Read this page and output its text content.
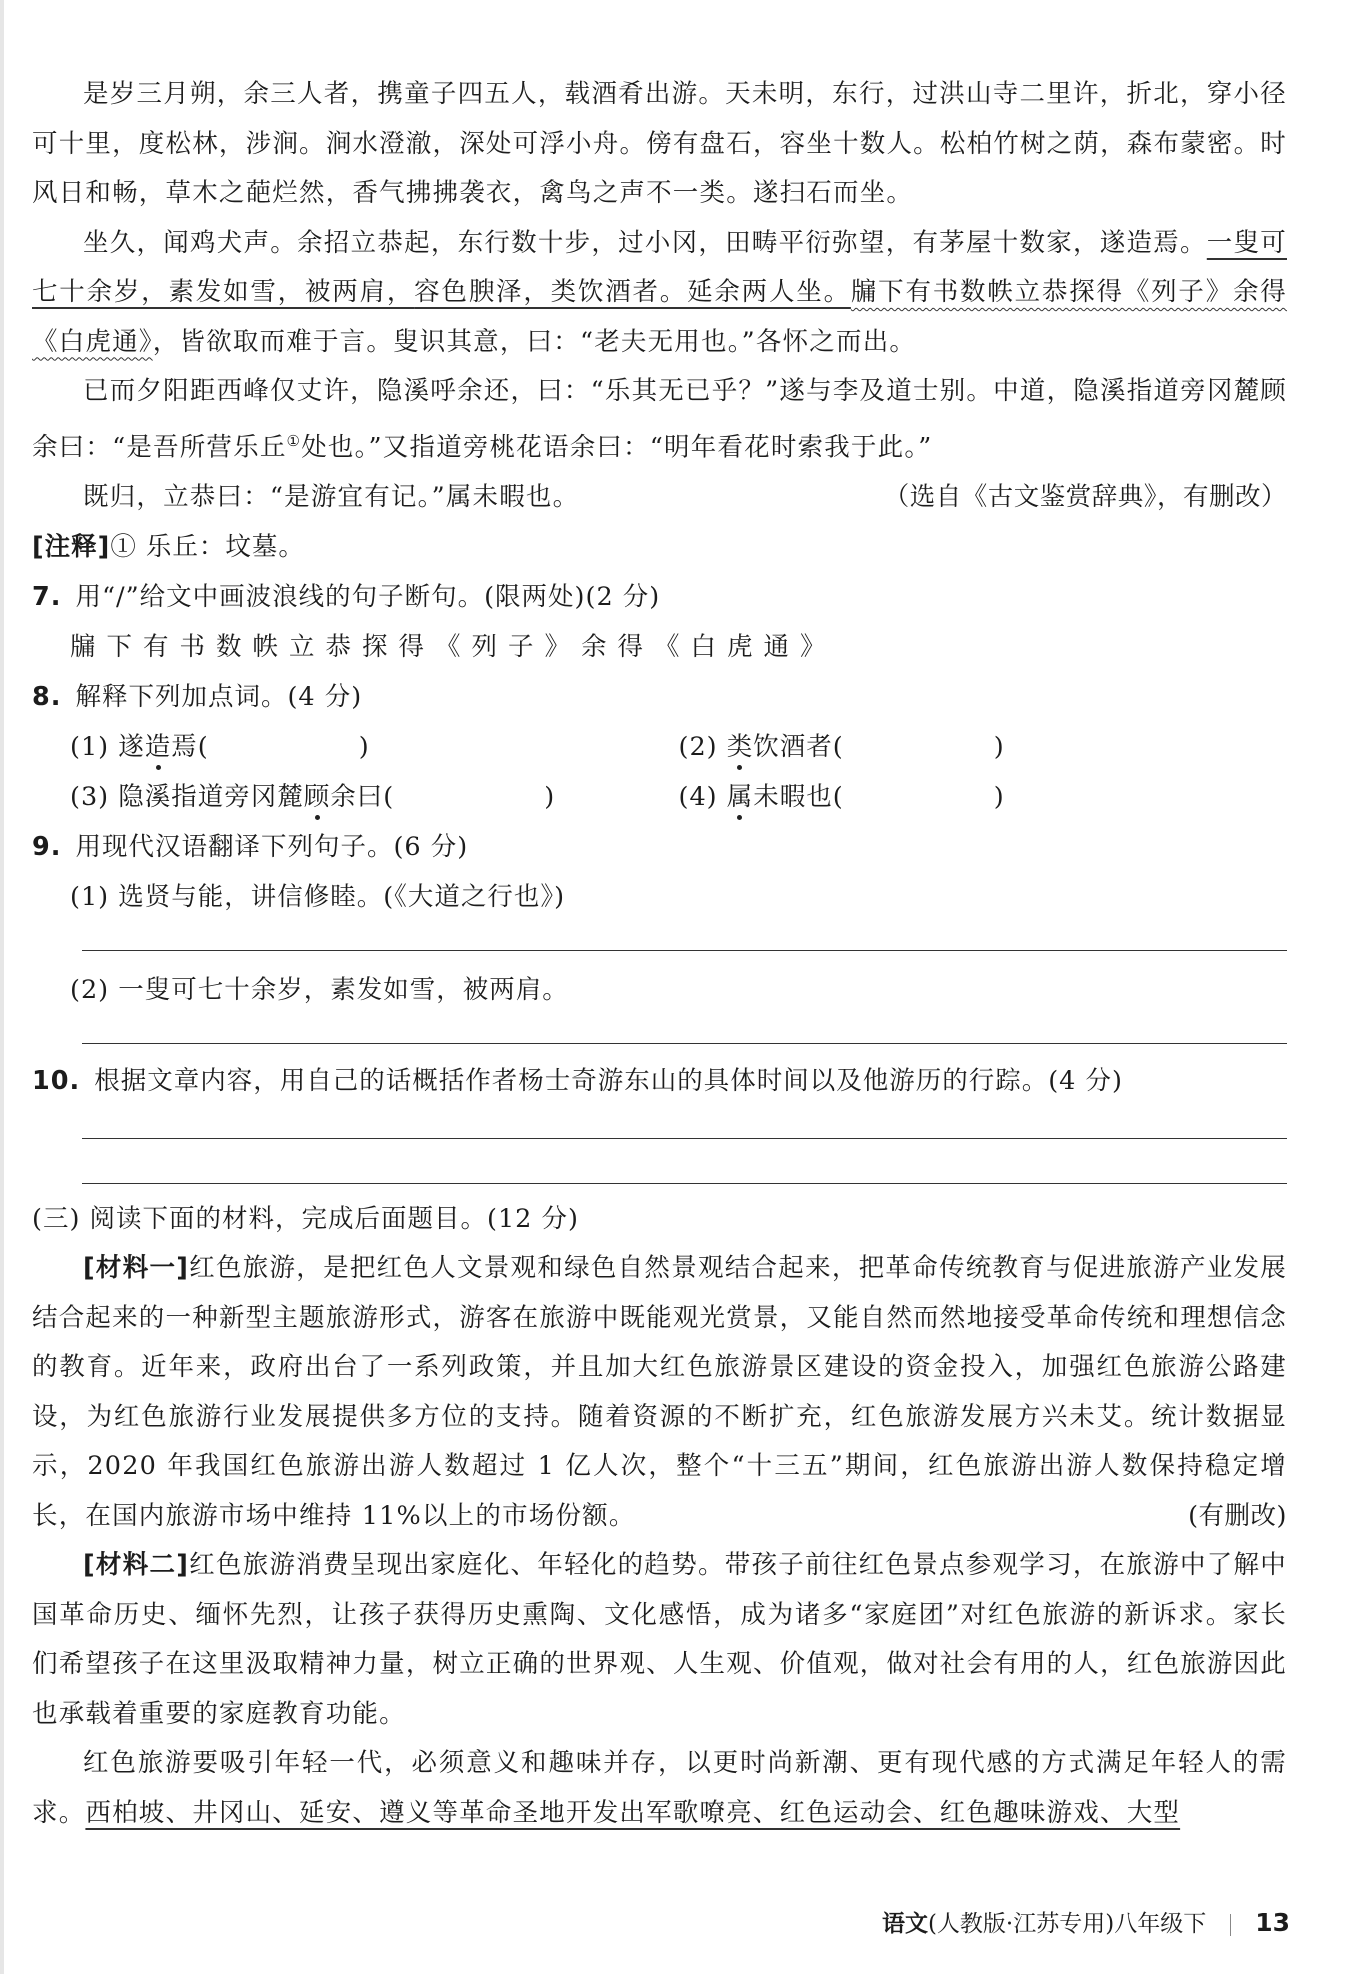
是岁三月朔，余三人者，携童子四五人，载酒肴出游。天未明，东行，过洪山寺二里许，折北，穿小径可十里，度松林，涉涧。涧水澄澈，深处可浮小舟。傍有盘石，容坐十数人。松柏竹树之荫，森布蒙密。时风日和畅，草木之葩烂然，香气拂拂袭衣，禽鸟之声不一类。遂扫石而坐。

坐久，闻鸡犬声。余招立恭起，东行数十步，过小冈，田畴平衍弥望，有茅屋十数家，遂造焉。一叟可七十余岁，素发如雪，被两肩，容色腴泽，类饮酒者。延余两人坐。牖下有书数帙立恭探得《列子》余得《白虎通》，皆欲取而难于言。叟识其意，曰：“老夫无用也。”各怀之而出。

已而夕阳距西峰仅丈许，隐溪呼余还，曰：“乐其无已乎？”遂与李及道士别。中道，隐溪指道旁冈麓顾余曰：“是吾所营乐丘①处也。”又指道旁桃花语余曰：“明年看花时索我于此。”

既归，立恭曰：“是游宜有记。”属未暇也。	（选自《古文鉴赏辞典》，有删改）

[注释]① 乐丘：坟墓。

7. 用“/”给文中画波浪线的句子断句。(限两处)(2 分)

牖下有书数帙立恭探得《列子》余得《白虎通》

8. 解释下列加点词。(4 分)

(1) 遂造焉(	)	(2) 类饮酒者(	)
(3) 隐溪指道旁冈麓顾余曰(	)	(4) 属未暇也(	)

9. 用现代汉语翻译下列句子。(6 分)

(1) 选贤与能，讲信修睦。(《大道之行也》)

(2) 一叟可七十余岁，素发如雪，被两肩。

10. 根据文章内容，用自己的话概括作者杨士奇游东山的具体时间以及他游历的行踪。(4 分)

(三) 阅读下面的材料，完成后面题目。(12 分)

[材料一]红色旅游，是把红色人文景观和绿色自然景观结合起来，把革命传统教育与促进旅游产业发展结合起来的一种新型主题旅游形式，游客在旅游中既能观光赏景，又能自然而然地接受革命传统和理想信念的教育。近年来，政府出台了一系列政策，并且加大红色旅游景区建设的资金投入，加强红色旅游公路建设，为红色旅游行业发展提供多方位的支持。随着资源的不断扩充，红色旅游发展方兴未艾。统计数据显示，2020 年我国红色旅游出游人数超过 1 亿人次，整个“十三五”期间，红色旅游出游人数保持稳定增长，在国内旅游市场中维持 11%以上的市场份额。	(有删改)

[材料二]红色旅游消费呈现出家庭化、年轻化的趋势。带孩子前往红色景点参观学习，在旅游中了解中国革命历史、缅怀先烈，让孩子获得历史熏陶、文化感悟，成为诸多“家庭团”对红色旅游的新诉求。家长们希望孩子在这里汲取精神力量，树立正确的世界观、人生观、价值观，做对社会有用的人，红色旅游因此也承载着重要的家庭教育功能。

红色旅游要吸引年轻一代，必须意义和趣味并存，以更时尚新潮、更有现代感的方式满足年轻人的需求。西柏坡、井冈山、延安、遵义等革命圣地开发出军歌嘹亮、红色运动会、红色趣味游戏、大型

语文(人教版·江苏专用)八年级下 13
